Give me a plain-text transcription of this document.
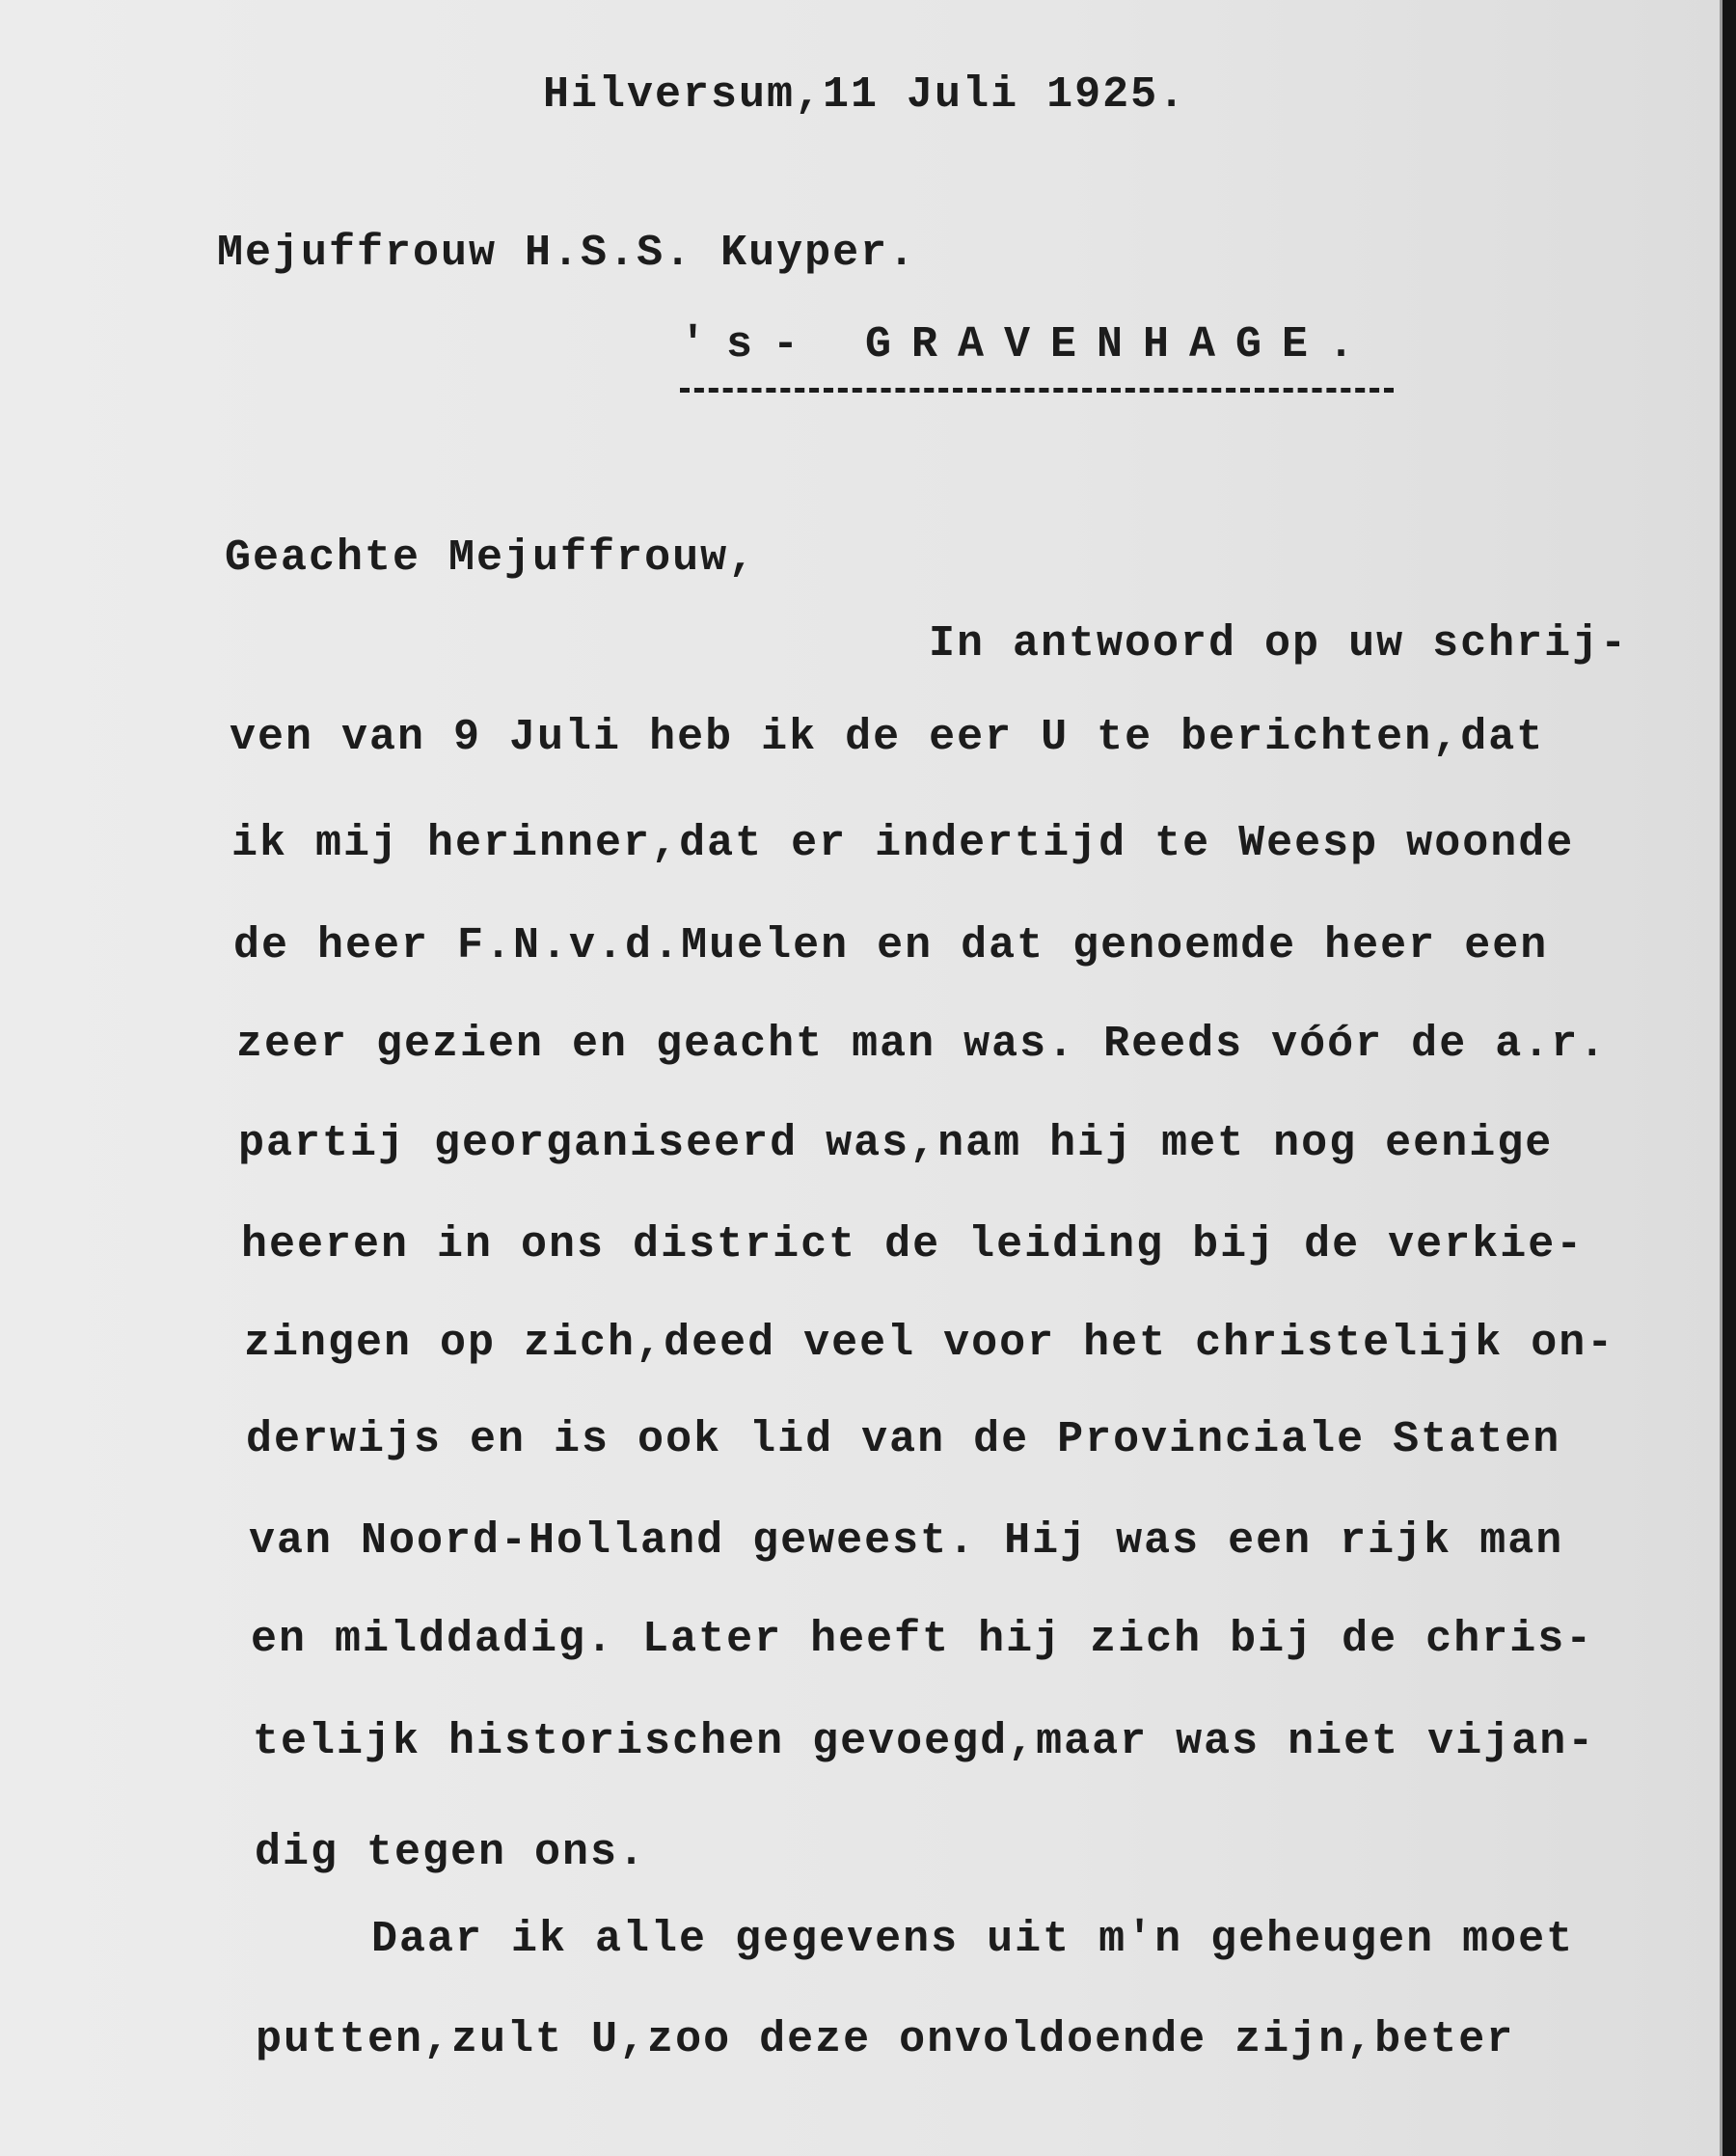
Hilversum,11 Juli 1925.
Mejuffrouw H.S.S. Kuyper.
's- GRAVENHAGE.
Geachte Mejuffrouw,
In antwoord op uw schrij-
ven van 9 Juli heb ik de eer U te berichten,dat
ik mij herinner,dat er indertijd te Weesp woonde
de heer F.N.v.d.Muelen en dat genoemde heer een
zeer gezien en geacht man was. Reeds vóór de a.r.
partij georganiseerd was,nam hij met nog eenige
heeren in ons district de leiding bij de verkie-
zingen op zich,deed veel voor het christelijk on-
derwijs en is ook lid van de Provinciale Staten
van Noord-Holland geweest. Hij was een rijk man
en milddadig. Later heeft hij zich bij de chris-
telijk historischen gevoegd,maar was niet vijan-
dig tegen ons.
Daar ik alle gegevens uit m'n geheugen moet
putten,zult U,zoo deze onvoldoende zijn,beter
